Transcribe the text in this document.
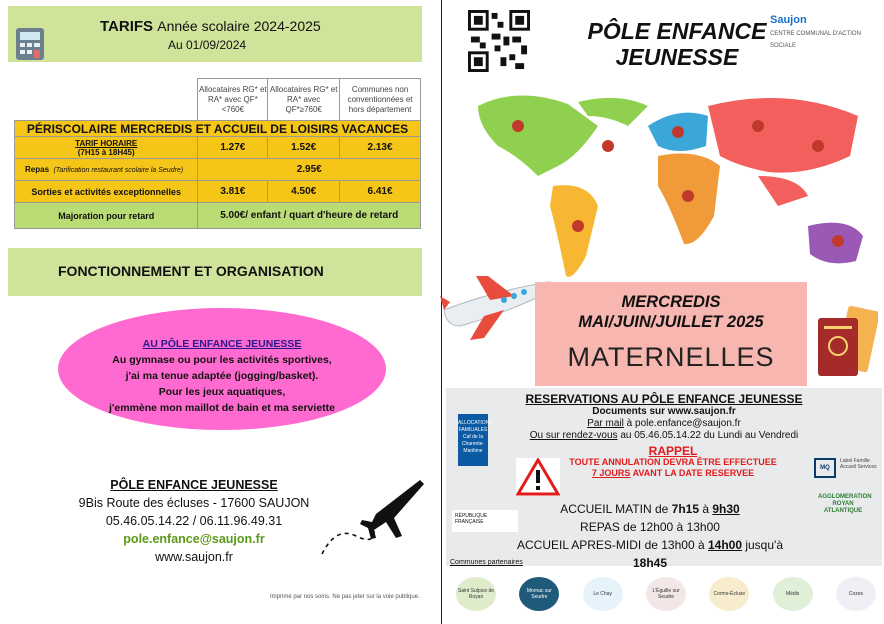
TARIFS Année scolaire 2024-2025
Au 01/09/2024
	Allocataires RG* et RA* avec QF*<760€	Allocataires RG* et RA* avec QF*≥760€	Communes non conventionnées et hors département
PÉRISCOLAIRE MERCREDIS ET ACCUEIL DE LOISIRS VACANCES			

TARIF HORAIRE
(7H15 à 18H45)	1.27€	1.52€	2.13€
Repas (Tarification restaurant scolaire la Seudre)	2.95€		
Sorties et activités exceptionnelles	3.81€	4.50€	6.41€
Majoration pour retard	5.00€/ enfant / quart d'heure de retard		
FONCTIONNEMENT ET ORGANISATION
AU PÔLE ENFANCE JEUNESSE
Au gymnase ou pour les activités sportives,
j'ai ma tenue adaptée (jogging/basket).
Pour les jeux aquatiques,
j'emmène mon maillot de bain et ma serviette
PÔLE ENFANCE JEUNESSE
9Bis Route des écluses - 17600 SAUJON
05.46.05.14.22 / 06.11.96.49.31
pole.enfance@saujon.fr
www.saujon.fr
Imprimé par nos soins. Ne pas jeter sur la voie publique.
PÔLE ENFANCE
JEUNESSE
Saujon
CENTRE COMMUNAL D'ACTION SOCIALE
MERCREDIS
MAI/JUIN/JUILLET 2025
MATERNELLES
RESERVATIONS AU PÔLE ENFANCE JEUNESSE
Documents sur www.saujon.fr
Par mail à pole.enfance@saujon.fr
Ou sur rendez-vous au 05.46.05.14.22 du Lundi au Vendredi
ALLOCATIONS FAMILIALES Caf de la Charente-Maritime	RAPPEL
TOUTE ANNULATION DEVRA ÊTRE EFFECTUEE
7 JOURS AVANT LA DATE RESERVEE	MQ
Label Famille Accueil Services
AGGLOMERATION ROYAN ATLANTIQUE
RÉPUBLIQUE FRANÇAISE
ACCUEIL MATIN de 7h15 à 9h30
REPAS de 12h00 à 13h00
ACCUEIL APRES-MIDI de 13h00 à 14h00 jusqu'à 18h45
Communes partenaires
Saint Sulpice de Royan
Mornac sur Seudre	Le Chay	L'Éguille sur Seudre	Corme-Écluse	Médis	Cozes
